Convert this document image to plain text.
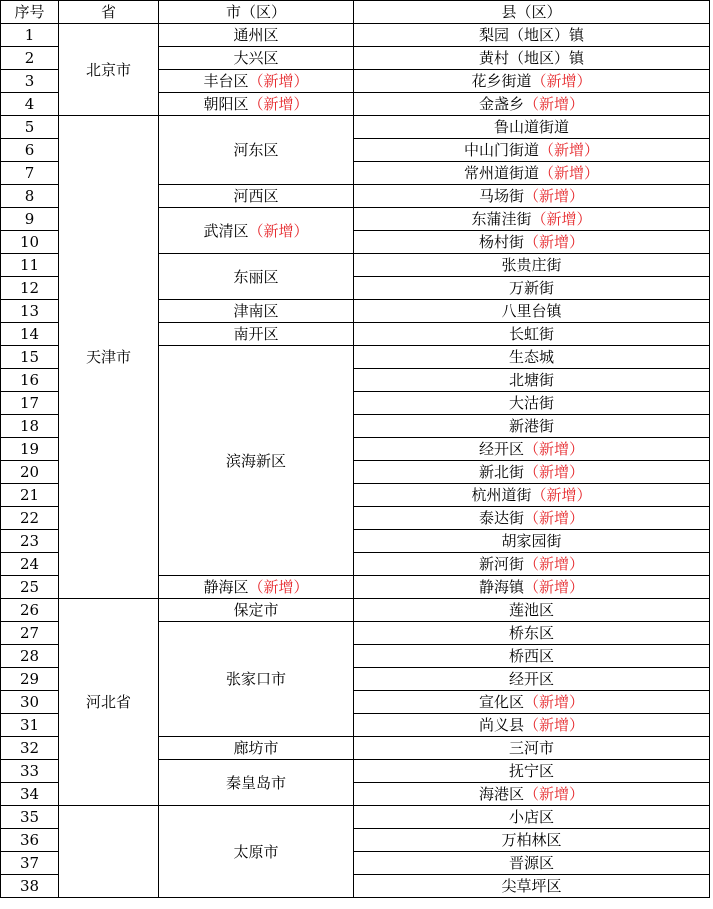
序号	省	市（区）	县（区）
1	北京市	通州区	梨园（地区）镇
2		大兴区	黄村（地区）镇
3		丰台区（新增）	花乡街道（新增）
4		朝阳区（新增）	金盏乡（新增）
5	天津市	河东区	鲁山道街道
6			中山门街道（新增）
7			常州道街道（新增）
8		河西区	马场街（新增）
9		武清区（新增）	东蒲洼街（新增）
10			杨村街（新增）
11		东丽区	张贵庄街
12			万新街
13		津南区	八里台镇
14		南开区	长虹街
15		滨海新区	生态城
16			北塘街
17			大沽街
18			新港街
19			经开区（新增）
20			新北街（新增）
21			杭州道街（新增）
22			泰达街（新增）
23			胡家园街
24			新河街（新增）
25		静海区（新增）	静海镇（新增）
26	河北省	保定市	莲池区
27		张家口市	桥东区
28			桥西区
29			经开区
30			宣化区（新增）
31			尚义县（新增）
32		廊坊市	三河市
33		秦皇岛市	抚宁区
34			海港区（新增）
35		太原市	小店区
36			万柏林区
37			晋源区
38			尖草坪区
